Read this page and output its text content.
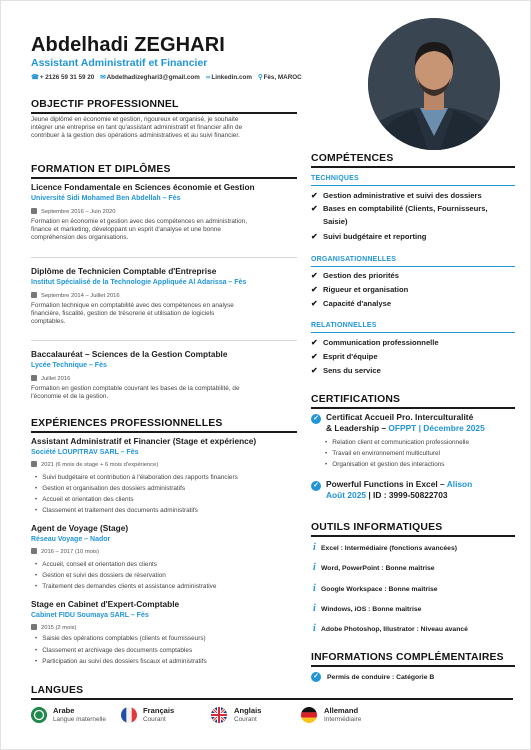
Abdelhadi ZEGHARI
Assistant Administratif et Financier
☎+ 2126 59 31 59 20 ✉Abdelhadizeghari3@gmail.com ∞Linkedin.com ⚲Fès, MAROC
OBJECTIF PROFESSIONNEL
Jeune diplômé en économie et gestion, rigoureux et organisé, je souhaite
intégrer une entreprise en tant qu'assistant administratif et financier afin de
contribuer à la gestion des opérations administratives et au suivi financier.
FORMATION ET DIPLÔMES
Licence Fondamentale en Sciences économie et Gestion
Université Sidi Mohamed Ben Abdellah – Fès
Septembre 2016 – Juin 2020
Formation en économie et gestion avec des compétences en administration,
finance et marketing, développant un esprit d'analyse et une bonne
compréhension des organisations.
Diplôme de Technicien Comptable d'Entreprise
Institut Spécialisé de la Technologie Appliquée Al Adarissa – Fès
Septembre 2014 – Juillet 2016
Formation technique en comptabilité avec des compétences en analyse
financière, fiscalité, gestion de trésorerie et utilisation de logiciels
comptables.
Baccalauréat – Sciences de la Gestion Comptable
Lycée Technique – Fès
Juillet 2016
Formation en gestion comptable couvrant les bases de la comptabilité, de
l'économie et de la gestion.
EXPÉRIENCES PROFESSIONNELLES
Assistant Administratif et Financier (Stage et expérience)
Société LOUPITRAV SARL – Fès
2021 (6 mois de stage + 6 mois d'expérience)
• Suivi budgétaire et contribution à l'élaboration des rapports financiers
• Gestion et organisation des dossiers administratifs
• Accueil et orientation des clients
• Classement et traitement des documents administratifs
Agent de Voyage (Stage)
Réseau Voyage – Nador
2016 – 2017 (10 mois)
• Accueil, conseil et orientation des clients
• Gestion et suivi des dossiers de réservation
• Traitement des demandes clients et assistance administrative
Stage en Cabinet d'Expert-Comptable
Cabinet FIDU Soumaya SARL – Fès
2015 (2 mois)
• Saisie des opérations comptables (clients et fournisseurs)
• Classement et archivage des documents comptables
• Participation au suivi des dossiers fiscaux et administratifs
LANGUES
Arabe
Langue maternelle
Français
Courant
Anglais
Courant
Allemand
Intermédiaire
COMPÉTENCES
TECHNIQUES
✔ Gestion administrative et suivi des dossiers
✔ Bases en comptabilité (Clients, Fournisseurs,
Saisie)
✔ Suivi budgétaire et reporting
ORGANISATIONNELLES
✔ Gestion des priorités
✔ Rigueur et organisation
✔ Capacité d'analyse
RELATIONNELLES
✔ Communication professionnelle
✔ Esprit d'équipe
✔ Sens du service
CERTIFICATIONS
✓ Certificat Accueil Pro. Interculturalité
& Leadership – OFPPT | Décembre 2025
• Relation client et communication professionnelle
• Travail en environnement multiculturel
• Organisation et gestion des interactions
✓ Powerful Functions in Excel – Alison
Août 2025 | ID : 3999-50822703
OUTILS INFORMATIQUES
i Excel : Intermédiaire (fonctions avancées)
i Word, PowerPoint : Bonne maîtrise
i Google Workspace : Bonne maîtrise
i Windows, iOS : Bonne maîtrise
i Adobe Photoshop, Illustrator : Niveau avancé
INFORMATIONS COMPLÉMENTAIRES
✓	Permis de conduire : Catégorie B
